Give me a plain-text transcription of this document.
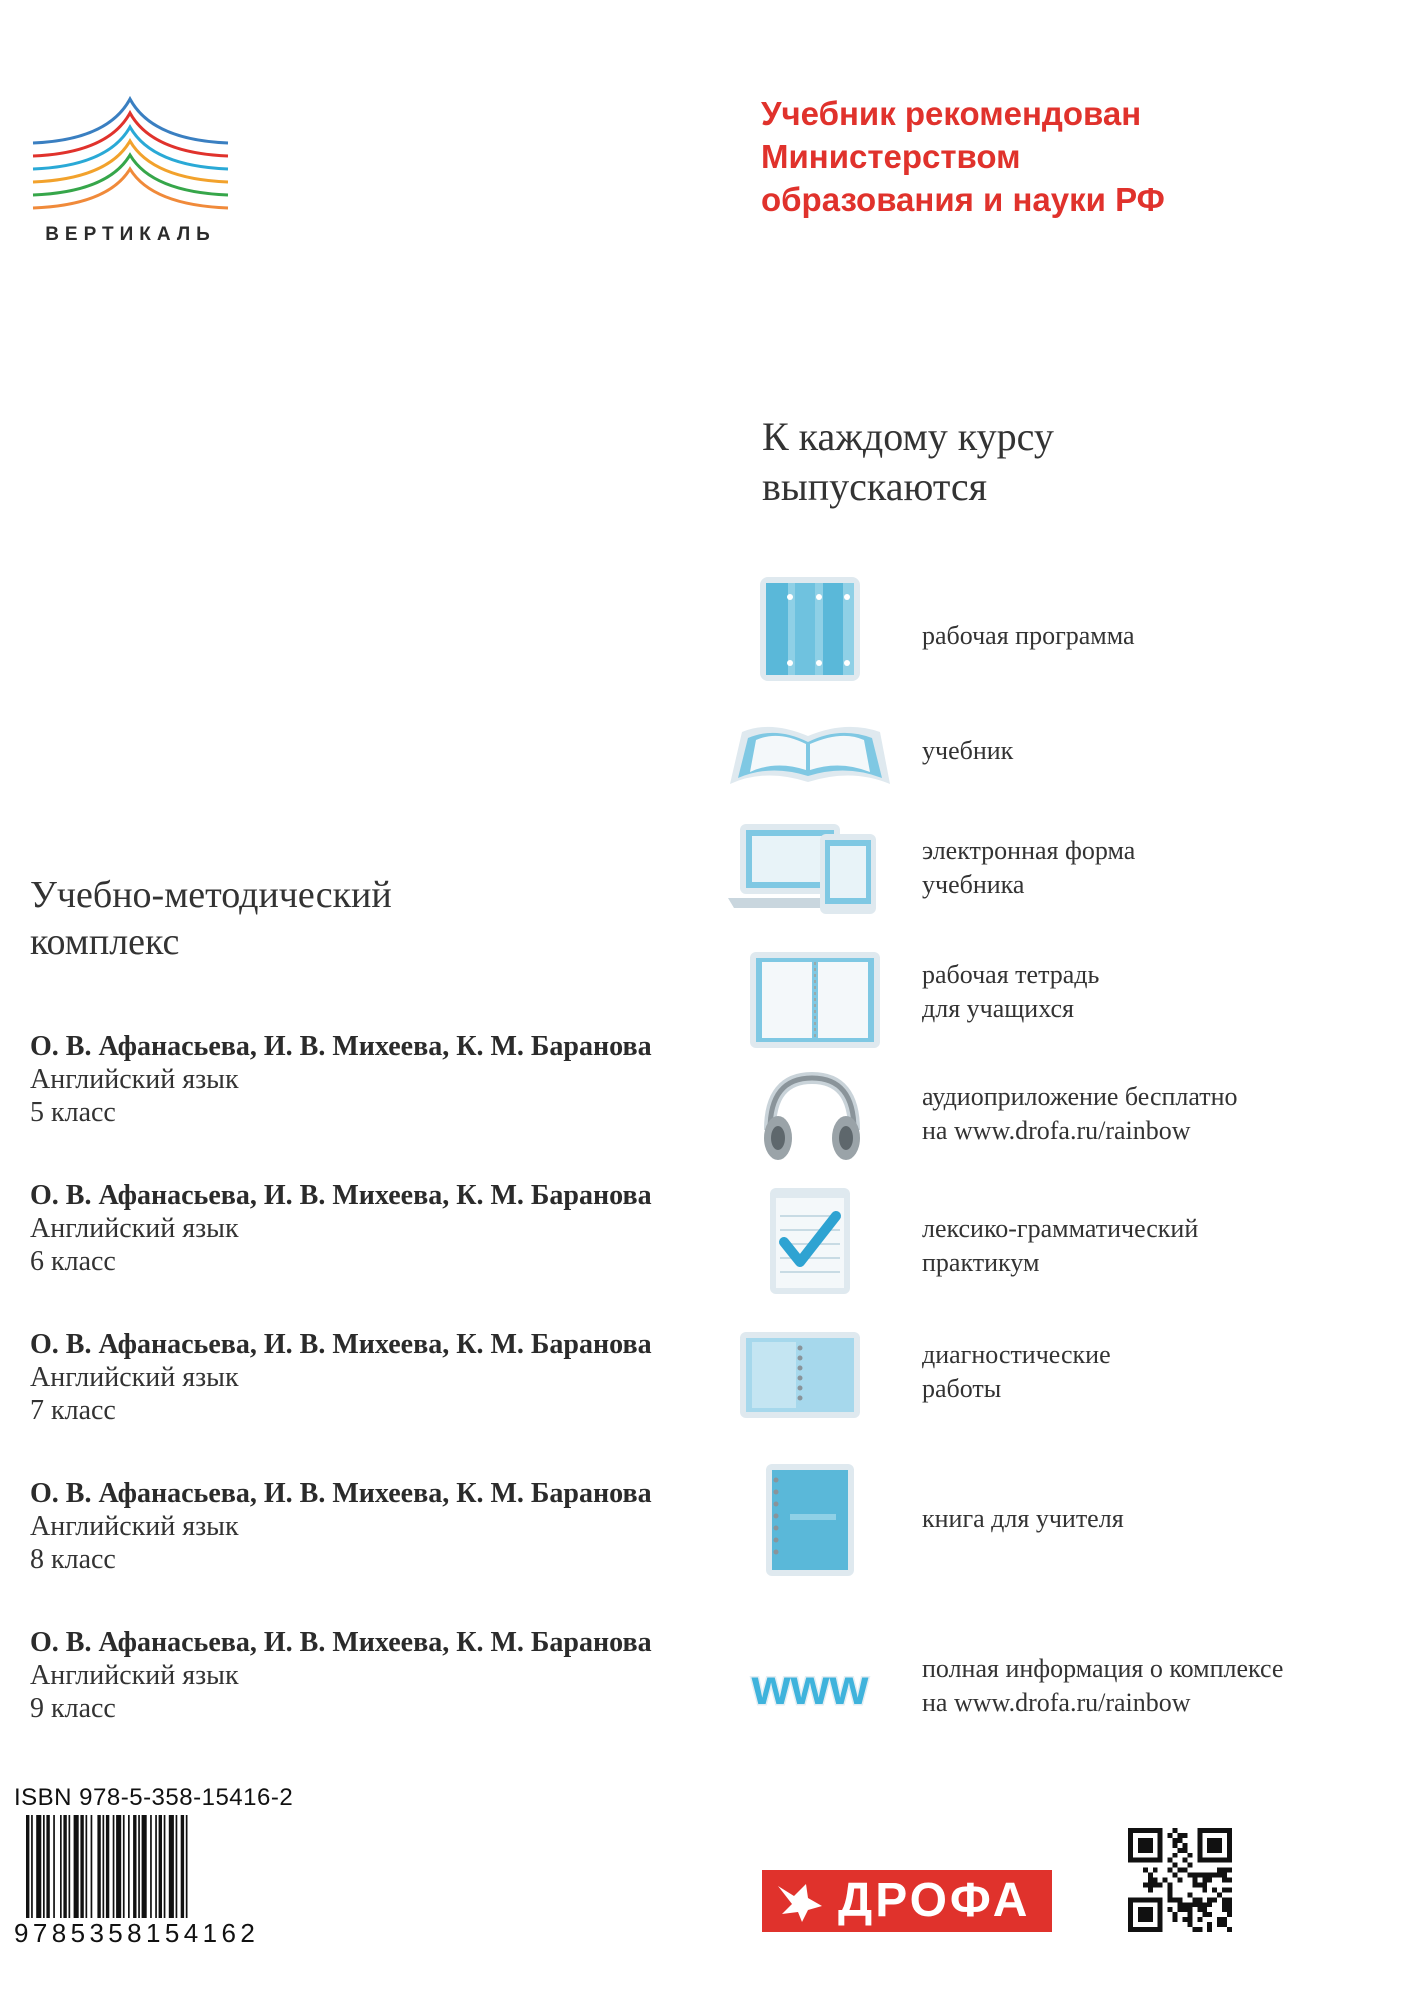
ВЕРТИКАЛЬ
Учебник рекомендован
Министерством
образования и науки РФ
К каждому курсу
выпускаются
Учебно-методический
комплекс
О. В. Афанасьева, И. В. Михеева, К. М. Баранова
Английский язык
5 класс
О. В. Афанасьева, И. В. Михеева, К. М. Баранова
Английский язык
6 класс
О. В. Афанасьева, И. В. Михеева, К. М. Баранова
Английский язык
7 класс
О. В. Афанасьева, И. В. Михеева, К. М. Баранова
Английский язык
8 класс
О. В. Афанасьева, И. В. Михеева, К. М. Баранова
Английский язык
9 класс
рабочая программа
учебник
электронная форма
учебника
рабочая тетрадь
для учащихся
аудиоприложение бесплатно
на www.drofa.ru/rainbow
лексико-грамматический
практикум
диагностические
работы
книга для учителя
www полная информация о комплексе
на www.drofa.ru/rainbow
ISBN 978-5-358-15416-2
9785358154162
ДРОФА
